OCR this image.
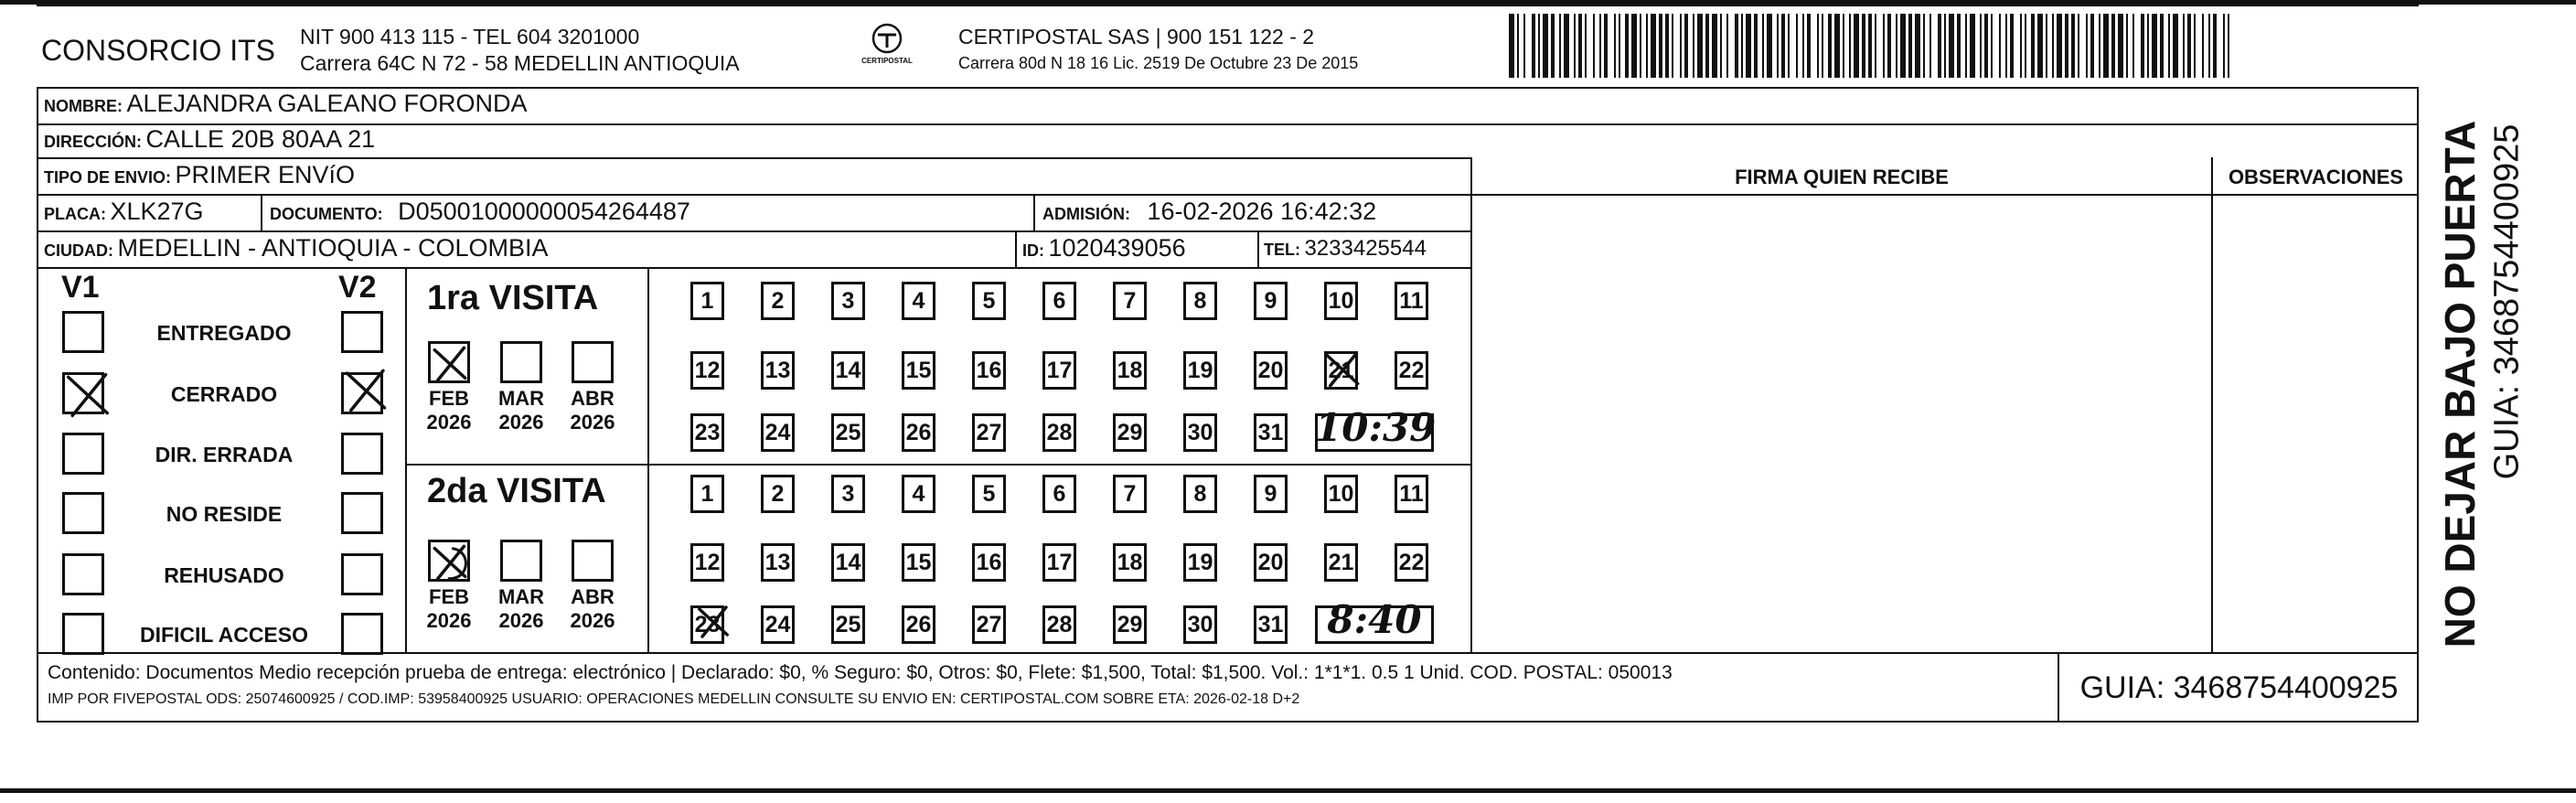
CONSORCIO ITS NIT 900 413 115 - TEL 604 3201000
Carrera 64C N 72 - 58 MEDELLIN ANTIOQUIA	CERTIPOSTAL
CERTIPOSTAL SAS | 900 151 122 - 2
Carrera 80d N 18 16 Lic. 2519 De Octubre 23 De 2015
NOMBRE: ALEJANDRA GALEANO FORONDA
DIRECCIÓN: CALLE 20B 80AA 21
TIPO DE ENVIO: PRIMER ENVíO
PLACA: XLK27G	DOCUMENTO: D05001000000054264487	ADMISIÓN: 16-02-2026 16:42:32
CIUDAD: MEDELLIN - ANTIOQUIA - COLOMBIA	ID: 1020439056	TEL: 3233425544
FIRMA QUIEN RECIBE	OBSERVACIONES
V1	V2
ENTREGADO
CERRADO
DIR. ERRADA
NO RESIDE
REHUSADO
DIFICIL ACCESO
1ra VISITA
2da VISITA
FEB
2026
MAR
2026
ABR
2026
1	2	3	4	5	6	7	8	9	10 11
12 13 14 15 16 17 18 19 20 21 22
23 24 25 26 27 28 29 30 31 10:39
FEB
2026
MAR
2026
ABR
2026
1	2	3	4	5	6	7	8	9	10 11
12 13 14 15 16 17 18 19 20 21 22
23 24 25 26 27 28 29 30 31 8:40
Contenido: Documentos Medio recepción prueba de entrega: electrónico | Declarado: $0, % Seguro: $0, Otros: $0, Flete: $1,500, Total: $1,500. Vol.: 1*1*1. 0.5 1 Unid. COD. POSTAL: 050013
IMP POR FIVEPOSTAL ODS: 25074600925 / COD.IMP: 53958400925 USUARIO: OPERACIONES MEDELLIN CONSULTE SU ENVIO EN: CERTIPOSTAL.COM SOBRE ETA: 2026-02-18 D+2	GUIA: 3468754400925
NO DEJAR BAJO PUERTA GUIA: 3468754400925
